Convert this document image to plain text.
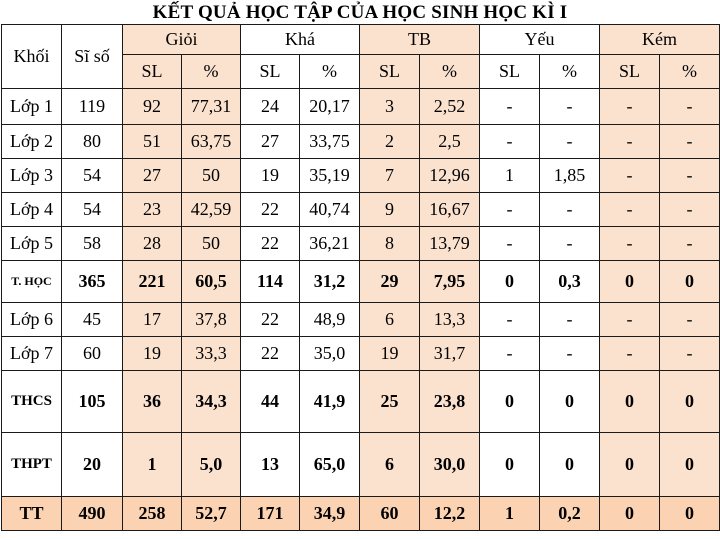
KẾT QUẢ HỌC TẬP CỦA HỌC SINH HỌC KÌ I
Khối	Sĩ số	Giỏi		Khá		TB		Yếu		Kém	
		SL	%	SL	%	SL	%	SL	%	SL	%
Lớp 1	119	92	77,31	24	20,17	3	2,52	-	-	-	-
Lớp 2	80	51	63,75	27	33,75	2	2,5	-	-	-	-
Lớp 3	54	27	50	19	35,19	7	12,96	1	1,85	-	-
Lớp 4	54	23	42,59	22	40,74	9	16,67	-	-	-	-
Lớp 5	58	28	50	22	36,21	8	13,79	-	-	-	-
T. HỌC	365	221	60,5	114	31,2	29	7,95	0	0,3	0	0
Lớp 6	45	17	37,8	22	48,9	6	13,3	-	-	-	-
Lớp 7	60	19	33,3	22	35,0	19	31,7	-	-	-	-
THCS	105	36	34,3	44	41,9	25	23,8	0	0	0	0
THPT	20	1	5,0	13	65,0	6	30,0	0	0	0	0
TT	490	258	52,7	171	34,9	60	12,2	1	0,2	0	0
